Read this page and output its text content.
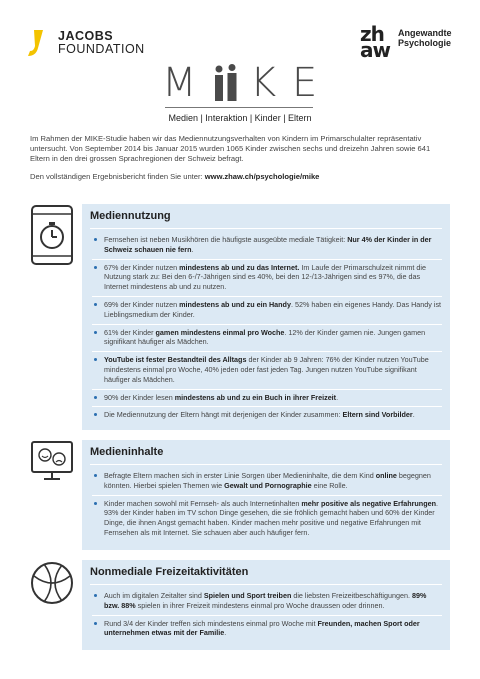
JACOBS
FOUNDATION
zh
aw
Angewandte
Psychologie
M K E
Medien | Interaktion | Kinder | Eltern

Im Rahmen der MIKE-Studie haben wir das Mediennutzungsverhalten von Kindern im Primarschulalter repräsentativ untersucht. Von September 2014 bis Januar 2015 wurden 1065 Kinder zwischen sechs und dreizehn Jahren sowie 641 Eltern in den drei grossen Sprachregionen der Schweiz befragt.

Den vollständigen Ergebnisbericht finden Sie unter: www.zhaw.ch/psychologie/mike

Mediennutzung
Fernsehen ist neben Musikhören die häufigste ausgeübte mediale Tätigkeit: Nur 4% der Kinder in der Schweiz schauen nie fern.
67% der Kinder nutzen mindestens ab und zu das Internet. Im Laufe der Primarschulzeit nimmt die Nutzung stark zu: Bei den 6-/7-Jährigen sind es 40%, bei den 12-/13-Jährigen sind es 97%, die das Internet mindestens ab und zu nutzen.
69% der Kinder nutzen mindestens ab und zu ein Handy. 52% haben ein eigenes Handy. Das Handy ist Lieblingsmedium der Kinder.
61% der Kinder gamen mindestens einmal pro Woche. 12% der Kinder gamen nie. Jungen gamen signifikant häufiger als Mädchen.
YouTube ist fester Bestandteil des Alltags der Kinder ab 9 Jahren: 76% der Kinder nutzen YouTube mindestens einmal pro Woche, 40% jeden oder fast jeden Tag. Jungen nutzen YouTube signifikant häufiger als Mädchen.
90% der Kinder lesen mindestens ab und zu ein Buch in ihrer Freizeit.
Die Mediennutzung der Eltern hängt mit derjenigen der Kinder zusammen: Eltern sind Vorbilder.
Medieninhalte
Befragte Eltern machen sich in erster Linie Sorgen über Medieninhalte, die dem Kind online begegnen könnten. Hierbei spielen Themen wie Gewalt und Pornographie eine Rolle.
Kinder machen sowohl mit Fernseh- als auch Internetinhalten mehr positive als negative Erfahrungen. 93% der Kinder haben im TV schon Dinge gesehen, die sie fröhlich gemacht haben und 60% der Kinder Dinge, die ihnen Angst gemacht haben. Kinder machen mehr positive und negative Erfahrungen mit Fernsehen als mit Internet. Sie schauen aber auch häufiger fern.
Nonmediale Freizeitaktivitäten
Auch im digitalen Zeitalter sind Spielen und Sport treiben die liebsten Freizeitbeschäftigungen. 89% bzw. 88% spielen in ihrer Freizeit mindestens einmal pro Woche draussen oder drinnen.
Rund 3/4 der Kinder treffen sich mindestens einmal pro Woche mit Freunden, machen Sport oder unternehmen etwas mit der Familie.
